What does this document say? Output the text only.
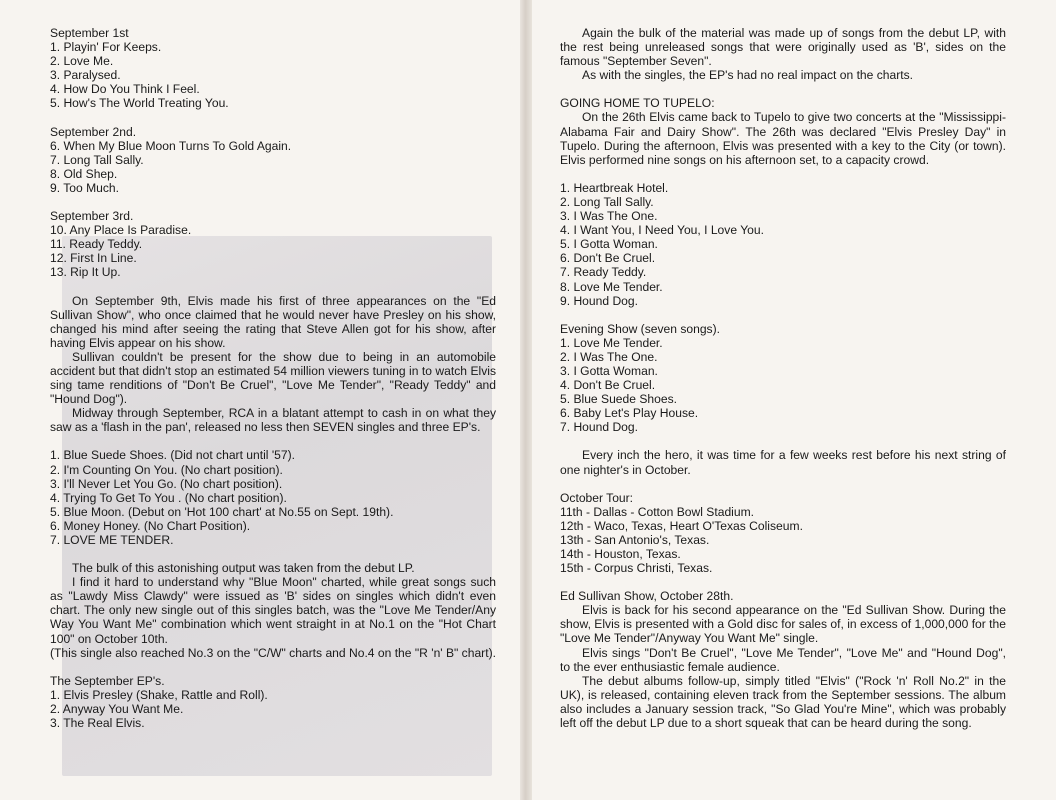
September 1st
1. Playin' For Keeps.
2. Love Me.
3. Paralysed.
4. How Do You Think I Feel.
5. How's The World Treating You.
September 2nd.
6. When My Blue Moon Turns To Gold Again.
7. Long Tall Sally.
8. Old Shep.
9. Too Much.
September 3rd.
10. Any Place Is Paradise.
11. Ready Teddy.
12. First In Line.
13. Rip It Up.

On September 9th, Elvis made his first of three appearances on the "Ed Sullivan Show", who once claimed that he would never have Presley on his show, changed his mind after seeing the rating that Steve Allen got for his show, after having Elvis appear on his show.

Sullivan couldn't be present for the show due to being in an automobile accident but that didn't stop an estimated 54 million viewers tuning in to watch Elvis sing tame renditions of "Don't Be Cruel", "Love Me Tender", "Ready Teddy" and "Hound Dog").

Midway through September, RCA in a blatant attempt to cash in on what they saw as a 'flash in the pan', released no less then SEVEN singles and three EP's.

1. Blue Suede Shoes. (Did not chart until '57).
2. I'm Counting On You. (No chart position).
3. I'll Never Let You Go. (No chart position).
4. Trying To Get To You . (No chart position).
5. Blue Moon. (Debut on 'Hot 100 chart' at No.55 on Sept. 19th).
6. Money Honey. (No Chart Position).
7. LOVE ME TENDER.

The bulk of this astonishing output was taken from the debut LP.

I find it hard to understand why "Blue Moon" charted, while great songs such as "Lawdy Miss Clawdy" were issued as 'B' sides on singles which didn't even chart. The only new single out of this singles batch, was the "Love Me Tender/Any Way You Want Me" combination which went straight in at No.1 on the "Hot Chart 100" on October 10th.

(This single also reached No.3 on the "C/W" charts and No.4 on the "R 'n' B" chart).

The September EP's.
1. Elvis Presley (Shake, Rattle and Roll).
2. Anyway You Want Me.
3. The Real Elvis.

Again the bulk of the material was made up of songs from the debut LP, with the rest being unreleased songs that were originally used as 'B', sides on the famous "September Seven".

As with the singles, the EP's had no real impact on the charts.

GOING HOME TO TUPELO:

On the 26th Elvis came back to Tupelo to give two concerts at the "Mississippi-Alabama Fair and Dairy Show". The 26th was declared "Elvis Presley Day" in Tupelo. During the afternoon, Elvis was presented with a key to the City (or town). Elvis performed nine songs on his afternoon set, to a capacity crowd.

1. Heartbreak Hotel.
2. Long Tall Sally.
3. I Was The One.
4. I Want You, I Need You, I Love You.
5. I Gotta Woman.
6. Don't Be Cruel.
7. Ready Teddy.
8. Love Me Tender.
9. Hound Dog.
Evening Show (seven songs).
1. Love Me Tender.
2. I Was The One.
3. I Gotta Woman.
4. Don't Be Cruel.
5. Blue Suede Shoes.
6. Baby Let's Play House.
7. Hound Dog.

Every inch the hero, it was time for a few weeks rest before his next string of one nighter's in October.

October Tour:
11th - Dallas - Cotton Bowl Stadium.
12th - Waco, Texas, Heart O'Texas Coliseum.
13th - San Antonio's, Texas.
14th - Houston, Texas.
15th - Corpus Christi, Texas.
Ed Sullivan Show, October 28th.

Elvis is back for his second appearance on the "Ed Sullivan Show. During the show, Elvis is presented with a Gold disc for sales of, in excess of 1,000,000 for the "Love Me Tender"/Anyway You Want Me" single.

Elvis sings "Don't Be Cruel", "Love Me Tender", "Love Me" and "Hound Dog", to the ever enthusiastic female audience.

The debut albums follow-up, simply titled "Elvis" ("Rock 'n' Roll No.2" in the UK), is released, containing eleven track from the September sessions. The album also includes a January session track, "So Glad You're Mine", which was probably left off the debut LP due to a short squeak that can be heard during the song.
